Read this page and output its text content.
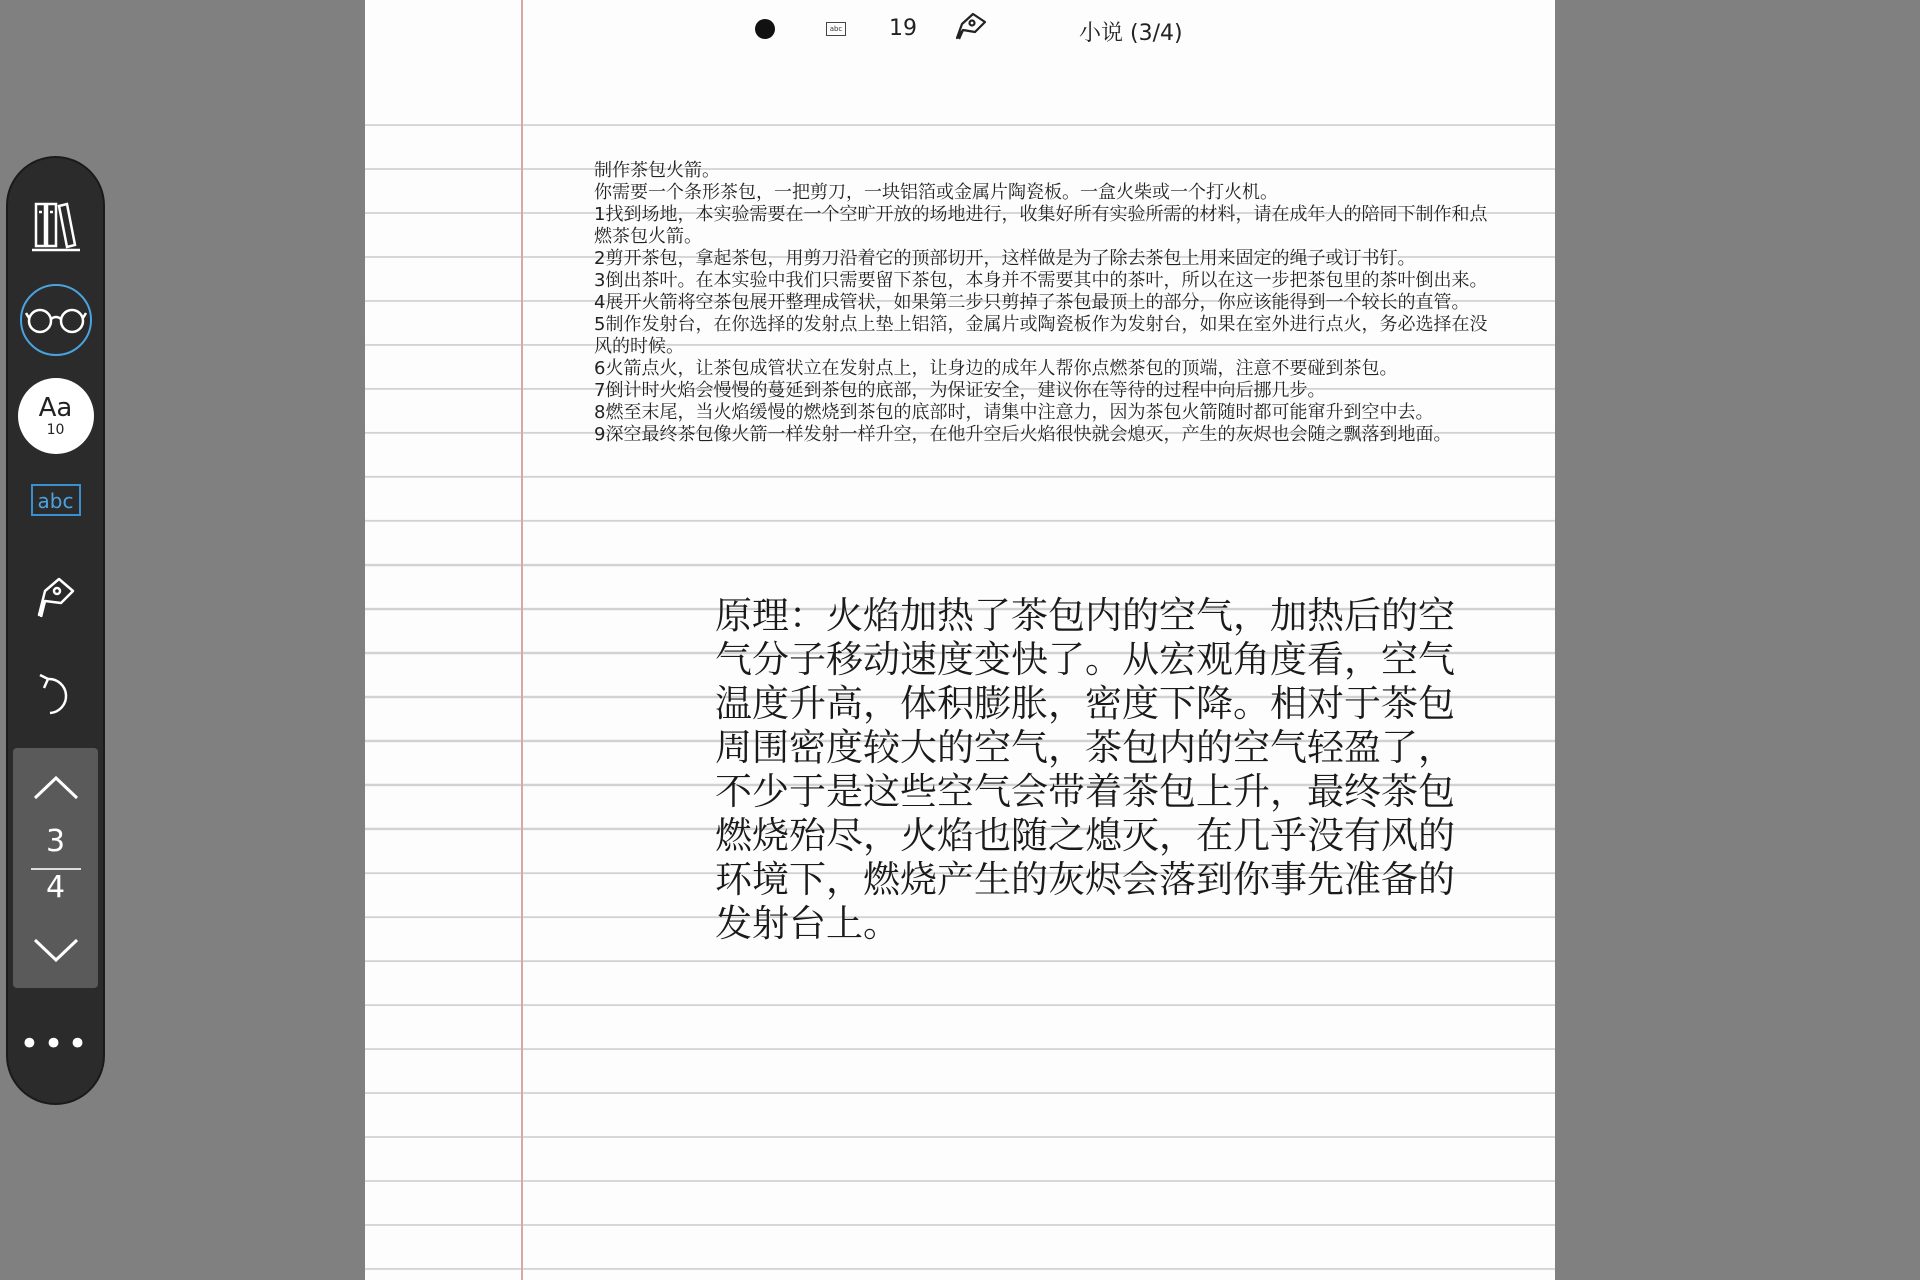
Aa
10
abc
3
4
•••
abc 19	小说 (3/4)

制作茶包火箭。

你需要一个条形茶包，一把剪刀，一块铝箔或金属片陶瓷板。一盒火柴或一个打火机。

1找到场地，本实验需要在一个空旷开放的场地进行，收集好所有实验所需的材料，请在成年人的陪同下制作和点燃茶包火箭。

2剪开茶包，拿起茶包，用剪刀沿着它的顶部切开，这样做是为了除去茶包上用来固定的绳子或订书钉。

3倒出茶叶。在本实验中我们只需要留下茶包，本身并不需要其中的茶叶，所以在这一步把茶包里的茶叶倒出来。

4展开火箭将空茶包展开整理成管状，如果第二步只剪掉了茶包最顶上的部分，你应该能得到一个较长的直管。

5制作发射台，在你选择的发射点上垫上铝箔，金属片或陶瓷板作为发射台，如果在室外进行点火，务必选择在没风的时候。

6火箭点火，让茶包成管状立在发射点上，让身边的成年人帮你点燃茶包的顶端，注意不要碰到茶包。

7倒计时火焰会慢慢的蔓延到茶包的底部，为保证安全，建议你在等待的过程中向后挪几步。

8燃至末尾，当火焰缓慢的燃烧到茶包的底部时，请集中注意力，因为茶包火箭随时都可能窜升到空中去。

9深空最终茶包像火箭一样发射一样升空，在他升空后火焰很快就会熄灭，产生的灰烬也会随之飘落到地面。

原理：火焰加热了茶包内的空气，加热后的空气分子移动速度变快了。从宏观角度看，空气温度升高，体积膨胀，密度下降。相对于茶包周围密度较大的空气，茶包内的空气轻盈了，不少于是这些空气会带着茶包上升，最终茶包燃烧殆尽，火焰也随之熄灭，在几乎没有风的环境下，燃烧产生的灰烬会落到你事先准备的发射台上。
